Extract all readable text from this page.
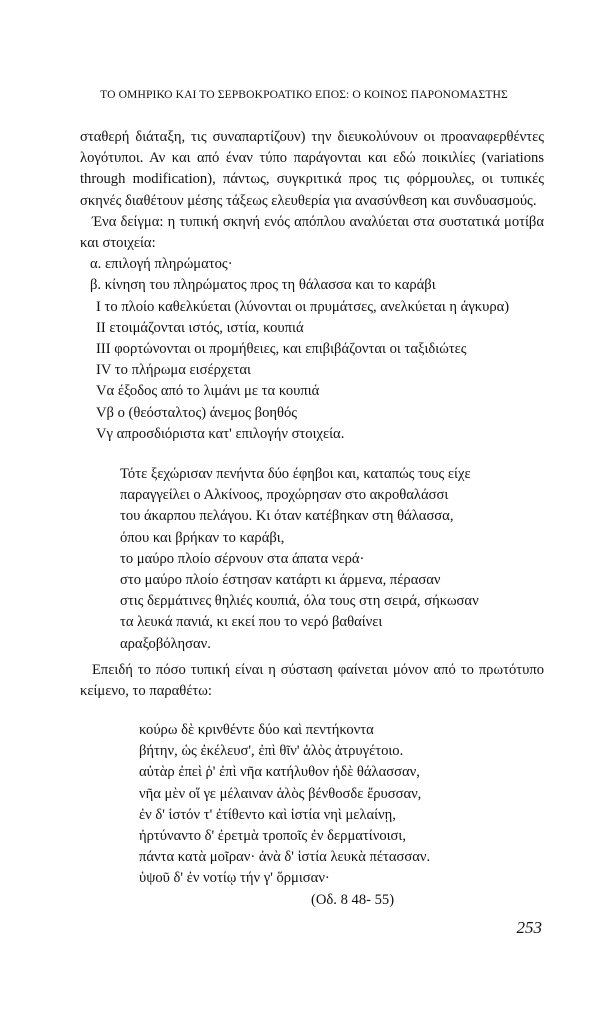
ΤΟ ΟΜΗΡΙΚΟ ΚΑΙ ΤΟ ΣΕΡΒΟΚΡΟΑΤΙΚΟ ΕΠΟΣ: Ο ΚΟΙΝΟΣ ΠΑΡΟΝΟΜΑΣΤΗΣ

σταθερή διάταξη, τις συναπαρτίζουν) την διευκολύνουν οι προαναφερθέντες λογότυποι. Αν και από έναν τύπο παράγονται και εδώ ποικιλίες (variations through modification), πάντως, συγκριτικά προς τις φόρμουλες, οι τυπικές σκηνές διαθέτουν μέσης τάξεως ελευθερία για ανασύνθεση και συνδυασμούς.

Ένα δείγμα: η τυπική σκηνή ενός απόπλου αναλύεται στα συστατικά μοτίβα και στοιχεία:

α. επιλογή πληρώματος·
β. κίνηση του πληρώματος προς τη θάλασσα και το καράβι
Ι το πλοίο καθελκύεται (λύνονται οι πρυμάτσες, ανελκύεται η άγκυρα)
ΙΙ ετοιμάζονται ιστός, ιστία, κουπιά
ΙΙΙ φορτώνονται οι προμήθειες, και επιβιβάζονται οι ταξιδιώτες
ΙV το πλήρωμα εισέρχεται
Vα έξοδος από το λιμάνι με τα κουπιά
Vβ ο (θεόσταλτος) άνεμος βοηθός
Vγ απροσδιόριστα κατ' επιλογήν στοιχεία.
Τότε ξεχώρισαν πενήντα δύο έφηβοι και, καταπώς τους είχε
παραγγείλει ο Αλκίνοος, προχώρησαν στο ακροθαλάσσι
του άκαρπου πελάγου. Κι όταν κατέβηκαν στη θάλασσα,
όπου και βρήκαν το καράβι,
το μαύρο πλοίο σέρνουν στα άπατα νερά·
στο μαύρο πλοίο έστησαν κατάρτι κι άρμενα, πέρασαν
στις δερμάτινες θηλιές κουπιά, όλα τους στη σειρά, σήκωσαν
τα λευκά πανιά, κι εκεί που το νερό βαθαίνει
αραξοβόλησαν.

Επειδή το πόσο τυπική είναι η σύσταση φαίνεται μόνον από το πρωτότυπο κείμενο, το παραθέτω:

κούρω δὲ κρινθέντε δύο καὶ πεντήκοντα
βήτην, ὡς ἐκέλευσ', ἐπὶ θῖν' ἁλὸς ἀτρυγέτοιο.
αὐτὰρ ἐπεὶ ῥ' ἐπὶ νῆα κατήλυθον ἠδὲ θάλασσαν,
νῆα μὲν οἵ γε μέλαιναν ἁλὸς βένθοσδε ἔρυσσαν,
ἐν δ' ἱστόν τ' ἐτίθεντο καὶ ἱστία νηὶ μελαίνῃ,
ἠρτύναντο δ' ἐρετμὰ τροποῖς ἐν δερματίνοισι,
πάντα κατὰ μοῖραν· ἀνὰ δ' ἱστία λευκὰ πέτασσαν.
ὑψοῦ δ' ἐν νοτίῳ τήν γ' ὅρμισαν·
(Οδ. 8 48- 55)
253
